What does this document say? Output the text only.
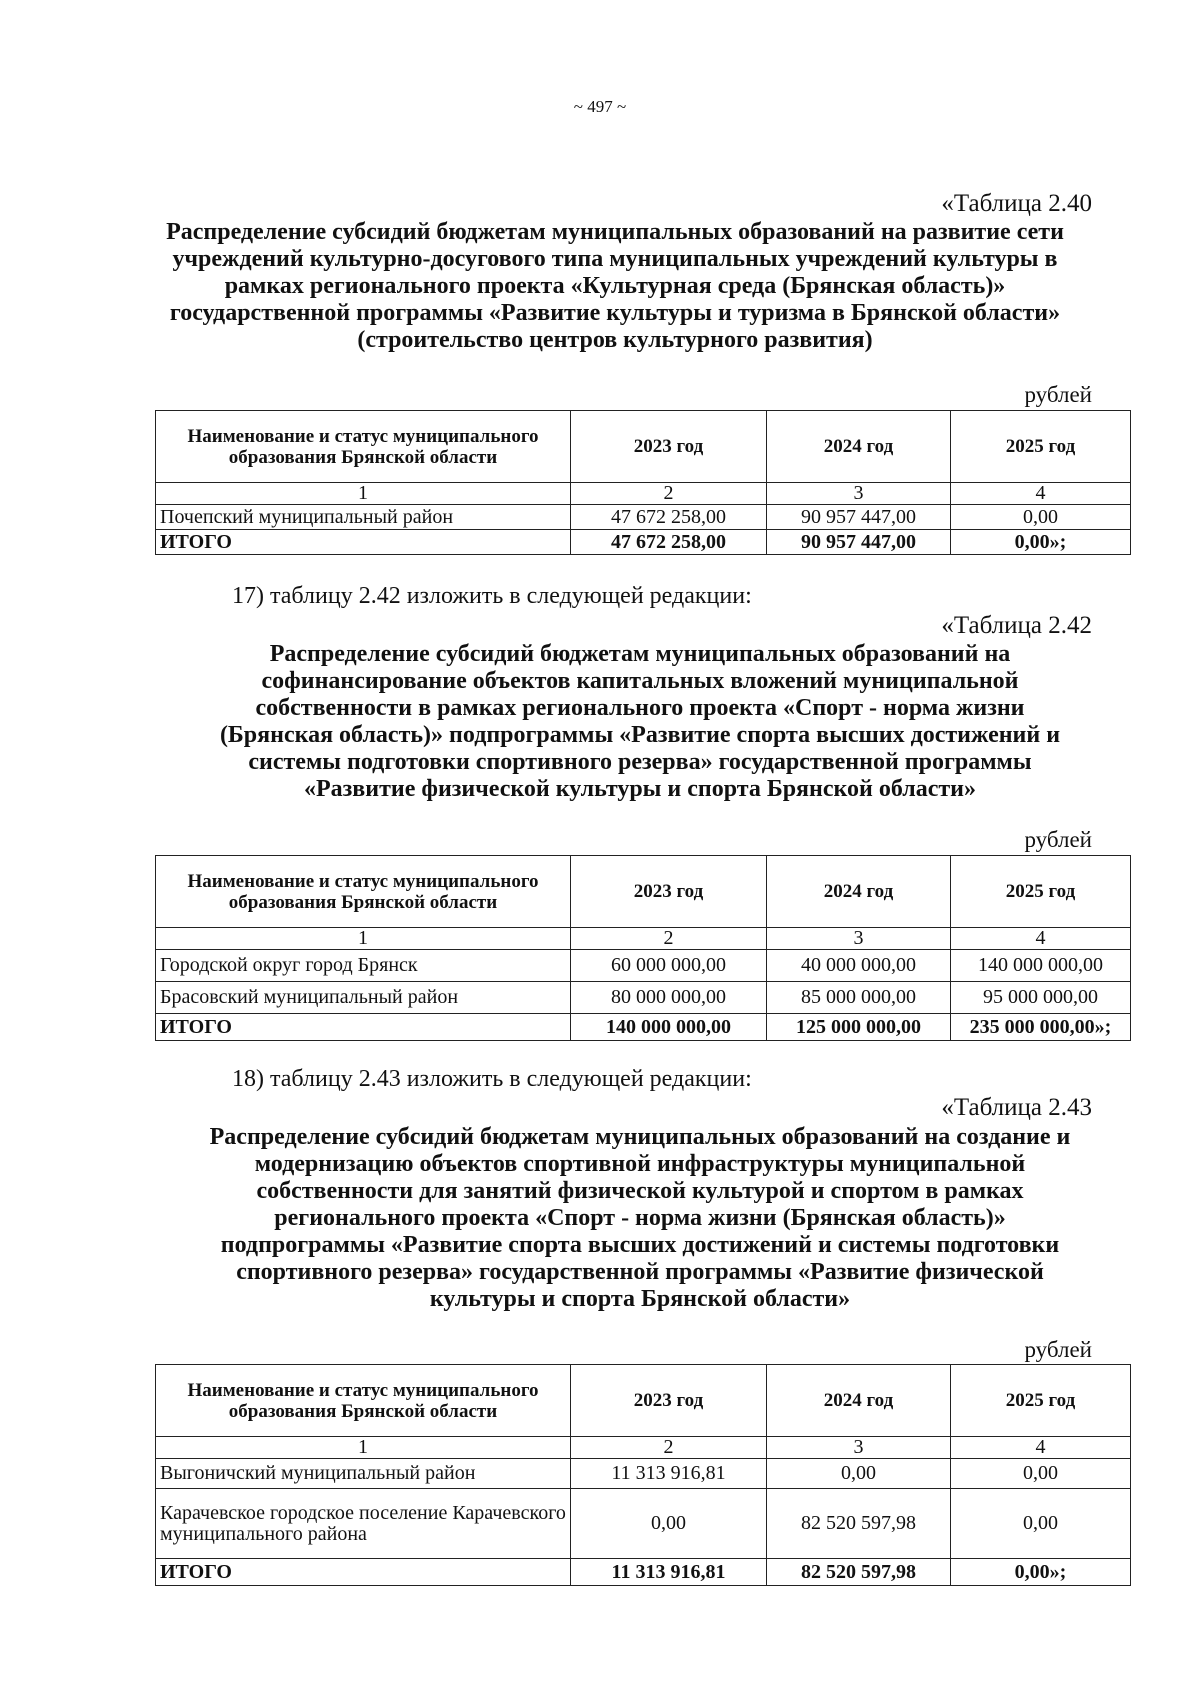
~ 497 ~
«Таблица 2.40
Распределение субсидий бюджетам муниципальных образований на развитие сети учреждений культурно-досугового типа муниципальных учреждений культуры в рамках регионального проекта «Культурная среда (Брянская область)» государственной программы «Развитие культуры и туризма в Брянской области» (строительство центров культурного развития)
рублей
Наименование и статус муниципального образования Брянской области	2023 год	2024 год	2025 год
1	2	3	4
Почепский муниципальный район	47 672 258,00	90 957 447,00	0,00
ИТОГО	47 672 258,00	90 957 447,00	0,00»;
17) таблицу 2.42 изложить в следующей редакции:
«Таблица 2.42
Распределение субсидий бюджетам муниципальных образований на софинансирование объектов капитальных вложений муниципальной собственности в рамках регионального проекта «Спорт - норма жизни (Брянская область)» подпрограммы «Развитие спорта высших достижений и системы подготовки спортивного резерва» государственной программы «Развитие физической культуры и спорта Брянской области»
рублей
Наименование и статус муниципального образования Брянской области	2023 год	2024 год	2025 год
1	2	3	4
Городской округ город Брянск	60 000 000,00	40 000 000,00	140 000 000,00
Брасовский муниципальный район	80 000 000,00	85 000 000,00	95 000 000,00
ИТОГО	140 000 000,00	125 000 000,00	235 000 000,00»;
18) таблицу 2.43 изложить в следующей редакции:
«Таблица 2.43
Распределение субсидий бюджетам муниципальных образований на создание и модернизацию объектов спортивной инфраструктуры муниципальной собственности для занятий физической культурой и спортом в рамках регионального проекта «Спорт - норма жизни (Брянская область)» подпрограммы «Развитие спорта высших достижений и системы подготовки спортивного резерва» государственной программы «Развитие физической культуры и спорта Брянской области»
рублей
Наименование и статус муниципального образования Брянской области	2023 год	2024 год	2025 год
1	2	3	4
Выгоничский муниципальный район	11 313 916,81	0,00	0,00
Карачевское городское поселение Карачевского муниципального района	0,00	82 520 597,98	0,00
ИТОГО	11 313 916,81	82 520 597,98	0,00»;
